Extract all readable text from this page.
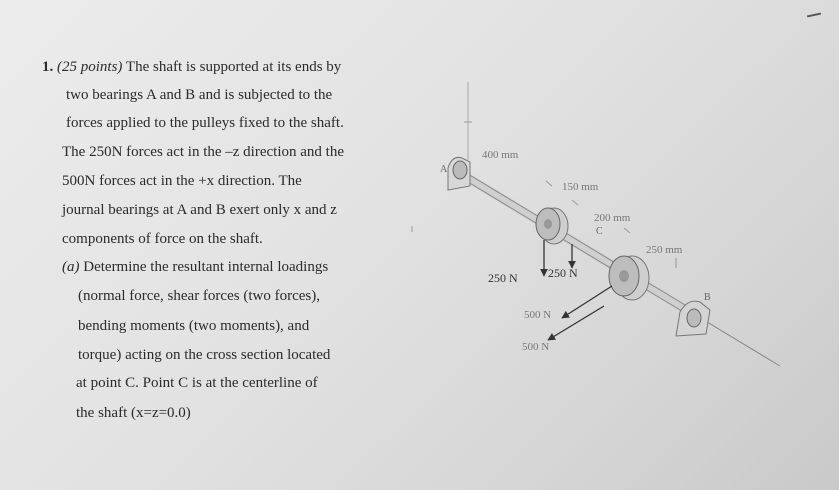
1. (25 points) The shaft is supported at its ends by
two bearings A and B and is subjected to the
forces applied to the pulleys fixed to the shaft.
The 250N forces act in the –z direction and the
500N forces act in the +x direction. The
journal bearings at A and B exert only x and z
components of force on the shaft.
(a) Determine the resultant internal loadings
(normal force, shear forces (two forces),
bending moments (two moments), and
torque) acting on the cross section located
at point C. Point C is at the centerline of
the shaft (x=z=0.0)
A
B
C
400 mm
150 mm
200 mm
250 mm
250 N	250 N
500 N
500 N
